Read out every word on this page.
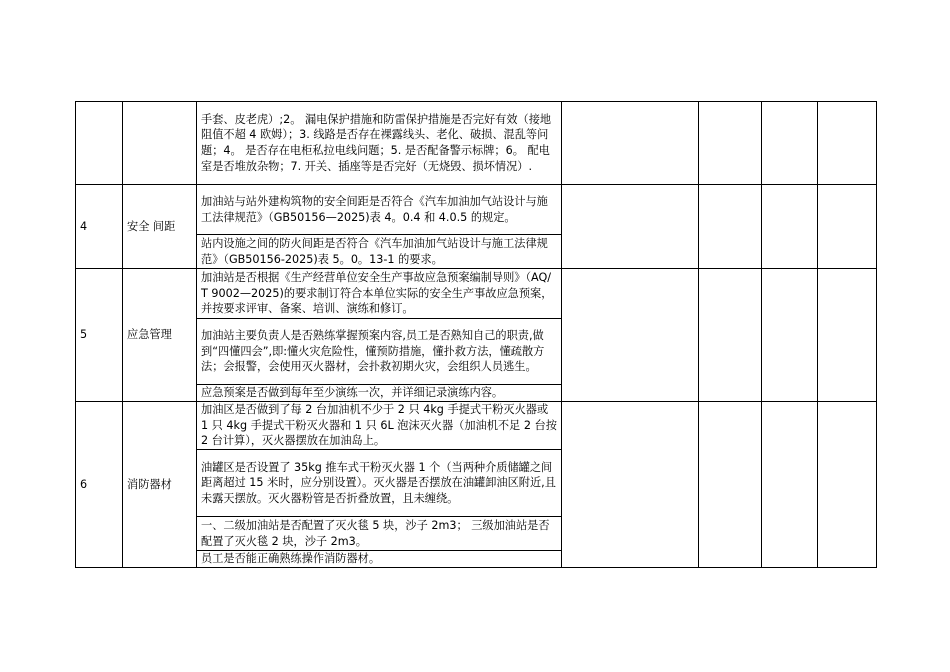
		手套、皮老虎）;2。 漏电保护措施和防雷保护措施是否完好有效（接地阻值不超 4 欧姆）；3. 线路是否存在裸露线头、老化、破损、混乱等问题；4。 是否存在电柜私拉电线问题；5. 是否配备警示标牌；6。 配电室是否堆放杂物；7. 开关、插座等是否完好（无烧毁、损坏情况）.				
4	安全 间距	加油站与站外建构筑物的安全间距是否符合《汽车加油加气站设计与施工法律规范》（GB50156—2025)表 4。0.4 和 4.0.5 的规定。				
		站内设施之间的防火间距是否符合《汽车加油加气站设计与施工法律规范》（GB50156-2025)表 5。0。13-1 的要求。				
5	应急管理	加油站是否根据《生产经营单位安全生产事故应急预案编制导则》（AQ/T 9002—2025)的要求制订符合本单位实际的安全生产事故应急预案，并按要求评审、备案、培训、演练和修订。				
		加油站主要负责人是否熟练掌握预案内容,员工是否熟知自己的职责,做到“四懂四会”,即:懂火灾危险性，懂预防措施，懂扑救方法，懂疏散方法；会报警，会使用灭火器材，会扑救初期火灾，会组织人员逃生。				
		应急预案是否做到每年至少演练一次，并详细记录演练内容。				
6	消防器材	加油区是否做到了每 2 台加油机不少于 2 只 4kg 手提式干粉灭火器或 1 只 4kg 手提式干粉灭火器和 1 只 6L 泡沫灭火器（加油机不足 2 台按 2 台计算），灭火器摆放在加油岛上。				
		油罐区是否设置了 35kg 推车式干粉灭火器 1 个（当两种介质储罐之间距离超过 15 米时，应分别设置）。灭火器是否摆放在油罐卸油区附近,且未露天摆放。灭火器粉管是否折叠放置，且未缠绕。				
		一、二级加油站是否配置了灭火毯 5 块，沙子 2m3； 三级加油站是否配置了灭火毯 2 块，沙子 2m3。				
		员工是否能正确熟练操作消防器材。				
